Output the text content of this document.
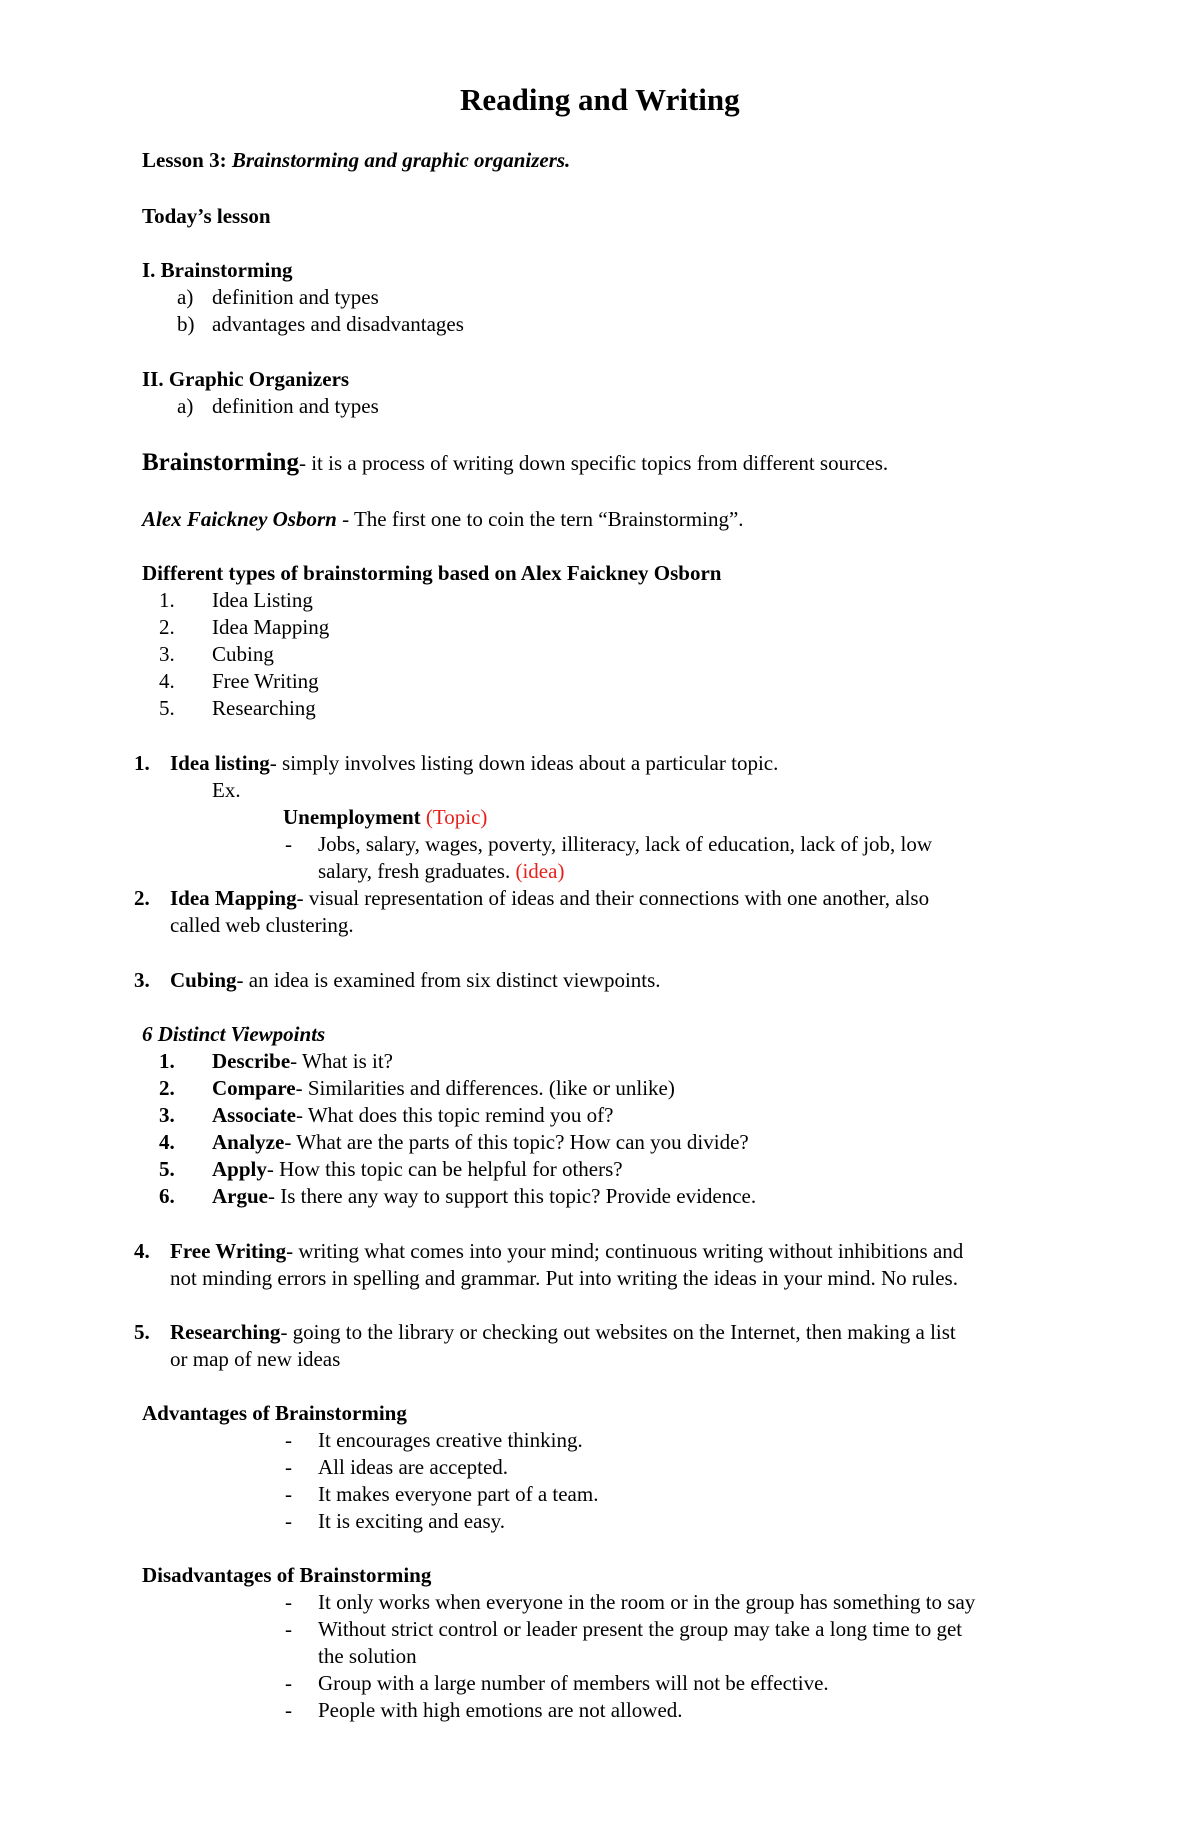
Reading and Writing
Lesson 3: Brainstorming and graphic organizers.
Today’s lesson
I. Brainstorming
a) definition and types
b) advantages and disadvantages
II. Graphic Organizers
a) definition and types
Brainstorming- it is a process of writing down specific topics from different sources.
Alex Faickney Osborn - The first one to coin the tern “Brainstorming”.
Different types of brainstorming based on Alex Faickney Osborn
1. Idea Listing
2. Idea Mapping
3. Cubing
4. Free Writing
5. Researching
1. Idea listing- simply involves listing down ideas about a particular topic.
Ex.
Unemployment (Topic)
- Jobs, salary, wages, poverty, illiteracy, lack of education, lack of job, low
salary, fresh graduates. (idea)
2. Idea Mapping- visual representation of ideas and their connections with one another, also
called web clustering.
3. Cubing- an idea is examined from six distinct viewpoints.
6 Distinct Viewpoints
1. Describe- What is it?
2. Compare- Similarities and differences. (like or unlike)
3. Associate- What does this topic remind you of?
4. Analyze- What are the parts of this topic? How can you divide?
5. Apply- How this topic can be helpful for others?
6. Argue- Is there any way to support this topic? Provide evidence.
4. Free Writing- writing what comes into your mind; continuous writing without inhibitions and
not minding errors in spelling and grammar. Put into writing the ideas in your mind. No rules.
5. Researching- going to the library or checking out websites on the Internet, then making a list
or map of new ideas
Advantages of Brainstorming
- It encourages creative thinking.
- All ideas are accepted.
- It makes everyone part of a team.
- It is exciting and easy.
Disadvantages of Brainstorming
- It only works when everyone in the room or in the group has something to say
- Without strict control or leader present the group may take a long time to get
the solution
- Group with a large number of members will not be effective.
- People with high emotions are not allowed.
